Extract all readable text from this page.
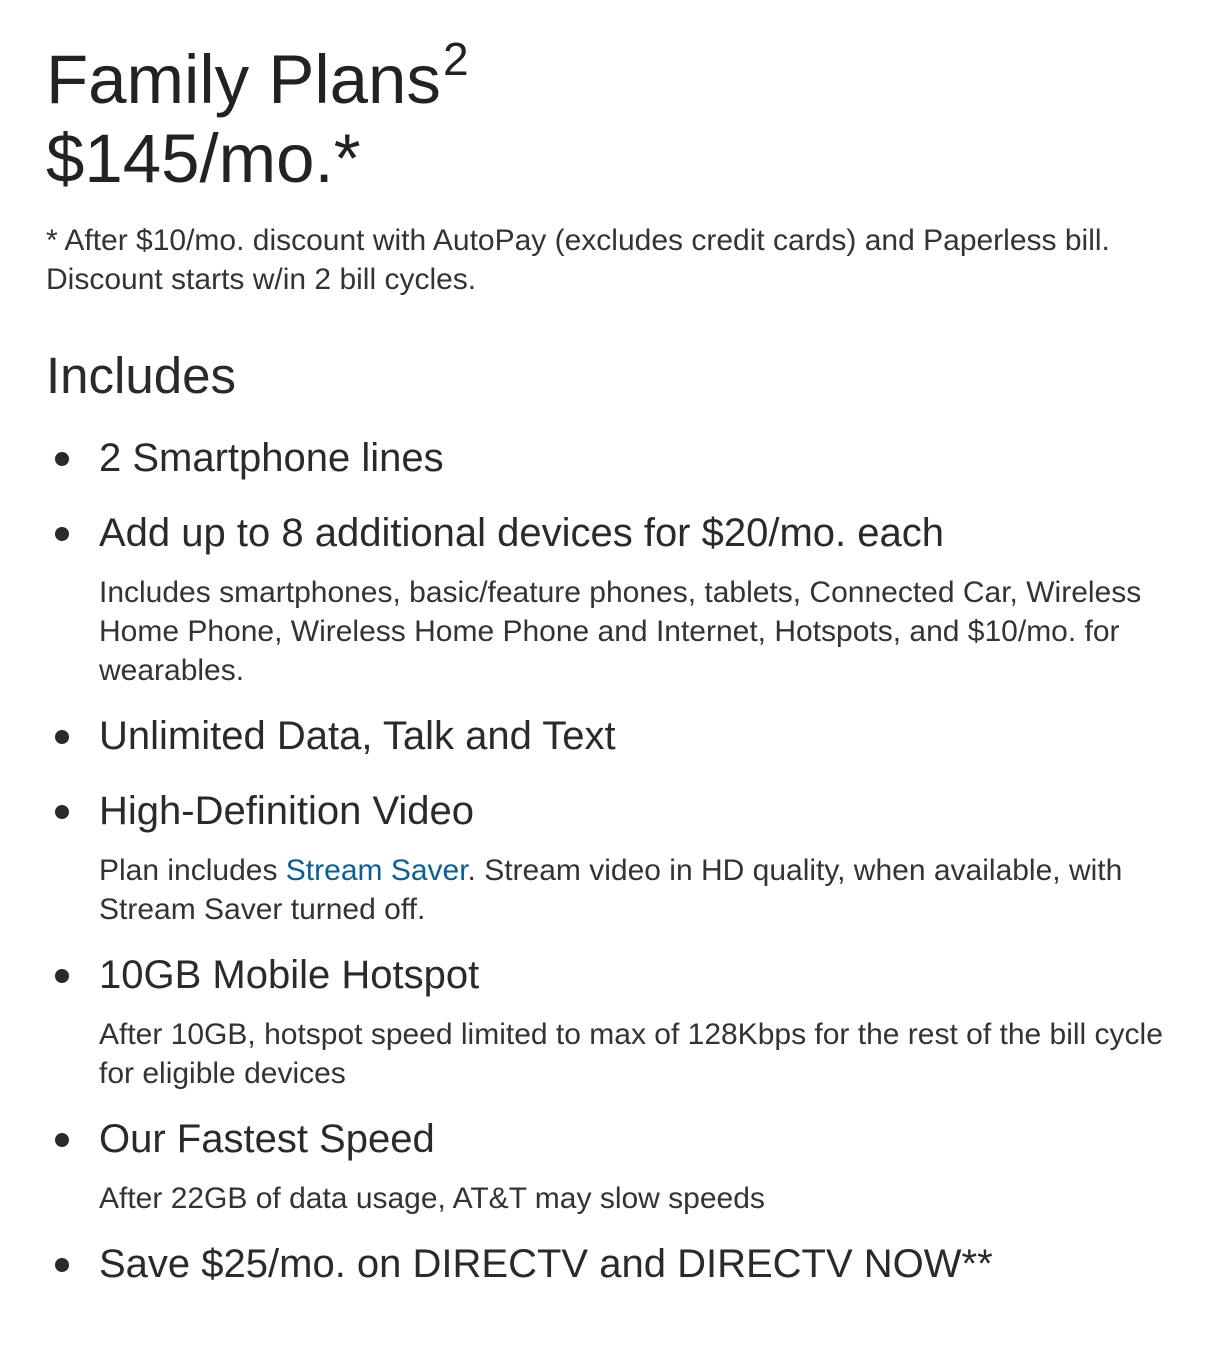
Family Plans$^2$
$145/mo.*

* After $10/mo. discount with AutoPay (excludes credit cards) and Paperless bill. Discount starts w/in 2 bill cycles.

Includes
2 Smartphone lines
Add up to 8 additional devices for $20/mo. each
Includes smartphones, basic/feature phones, tablets, Connected Car, Wireless Home Phone, Wireless Home Phone and Internet, Hotspots, and $10/mo. for wearables.
Unlimited Data, Talk and Text
High-Definition Video
Plan includes Stream Saver. Stream video in HD quality, when available, with Stream Saver turned off.
10GB Mobile Hotspot
After 10GB, hotspot speed limited to max of 128Kbps for the rest of the bill cycle for eligible devices
Our Fastest Speed
After 22GB of data usage, AT&T may slow speeds
Save $25/mo. on DIRECTV and DIRECTV NOW**
